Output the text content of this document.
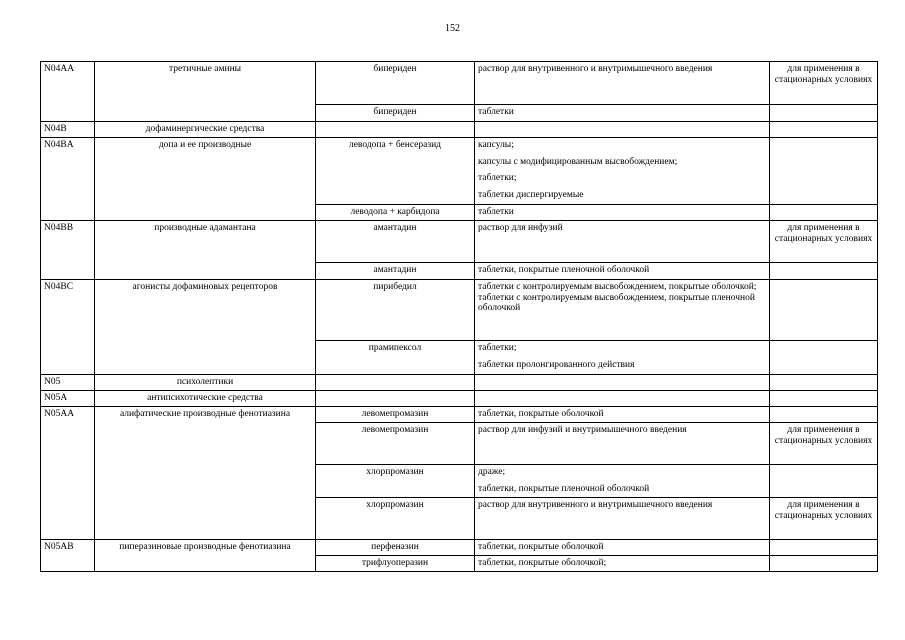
152
N04AA	третичные амины	бипериден	раствор для внутривенного и внутримышечного введения	для применения в стационарных условиях
		бипериден	таблетки	

N04B	дофаминергические средства			
N04BA	допа и ее производные	леводопа + бенсеразид	капсулы;
капсулы с модифицированным высвобождением;
таблетки;
таблетки диспергируемые	

		леводопа + карбидопа	таблетки	

N04BB	производные адамантана	амантадин	раствор для инфузий	для применения в стационарных условиях
		амантадин	таблетки, покрытые пленочной оболочкой	

N04BC	агонисты дофаминовых рецепторов	пирибедил	таблетки с контролируемым высвобождением, покрытые оболочкой;
таблетки с контролируемым высвобождением, покрытые пленочной оболочкой	

		прамипексол	таблетки;
таблетки пролонгированного действия	

N05	психолептики			
N05A	антипсихотические средства			
N05AA	алифатические производные фенотиазина	левомепромазин	таблетки, покрытые оболочкой	

		левомепромазин	раствор для инфузий и внутримышечного введения	для применения в стационарных условиях
		хлорпромазин	драже;
таблетки, покрытые пленочной оболочкой	

		хлорпромазин	раствор для внутривенного и внутримышечного введения	для применения в стационарных условиях
N05AB	пиперазиновые производные фенотиазина	перфеназин	таблетки, покрытые оболочкой	

		трифлуоперазин	таблетки, покрытые оболочкой;	
